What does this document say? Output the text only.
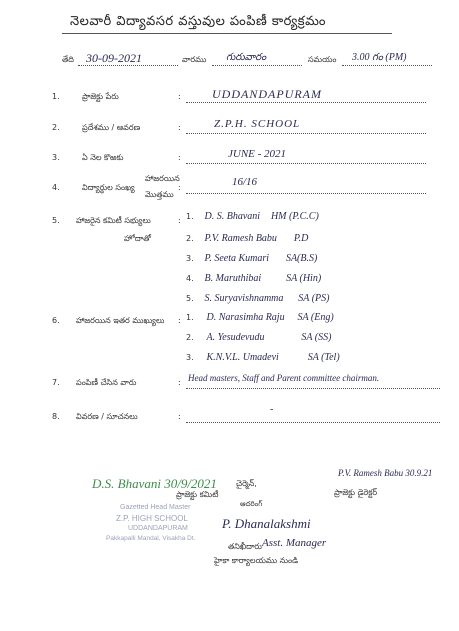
నెలవారీ విద్యావసర వస్తువుల పంపిణీ కార్యక్రమం
తేది 30-09-2021	వారము గురువారం	సమయం 3.00 గం (PM)
1.	ప్రాజెక్టు పేరు	:	UDDANDAPURAM
2.	ప్రదేశము / ఆవరణ	:	Z.P.H. SCHOOL
3.	ఏ నెల కొఱకు	:	JUNE - 2021
4.	విద్యార్థుల సంఖ్య
హాజరయిన
మొత్తము
:	16/16
5. హాజరైన కమిటీ సభ్యులు
హోదాతో
: 1. D. S. Bhavani HM (P.C.C)
2. P.V. Ramesh Babu P.D
3. P. Seeta Kumari SA(B.S)
4. B. Maruthibai SA (Hin)
5. S. Suryavishnamma SA (PS)
6. హాజరయిన ఇతర ముఖ్యులు : 1. D. Narasimha Raju SA (Eng)
2. A. Yesudevudu	SA (SS)
3. K.N.V.L. Umadevi	SA (Tel)
7. పంపిణీ చేసిన వారు	: Head masters, Staff and Parent committee chairman.
8. వివరణ / సూచనలు	:
-
D.S. Bhavani 30/9/2021 చైర్మెన్,
ప్రాజెక్టు కమిటీ
ఆదరింగ్
P.V. Ramesh Babu 30.9.21
ప్రాజెక్టు డైరెక్టర్
Gazetted Head Master
Z.P. HIGH SCHOOL
UDDANDAPURAM
Pakkapalli Mandal, Visakha Dt.
P. Dhanalakshmi
Asst. Manager
తనిఖీదారు
హైకా కార్యాలయము నుండి
